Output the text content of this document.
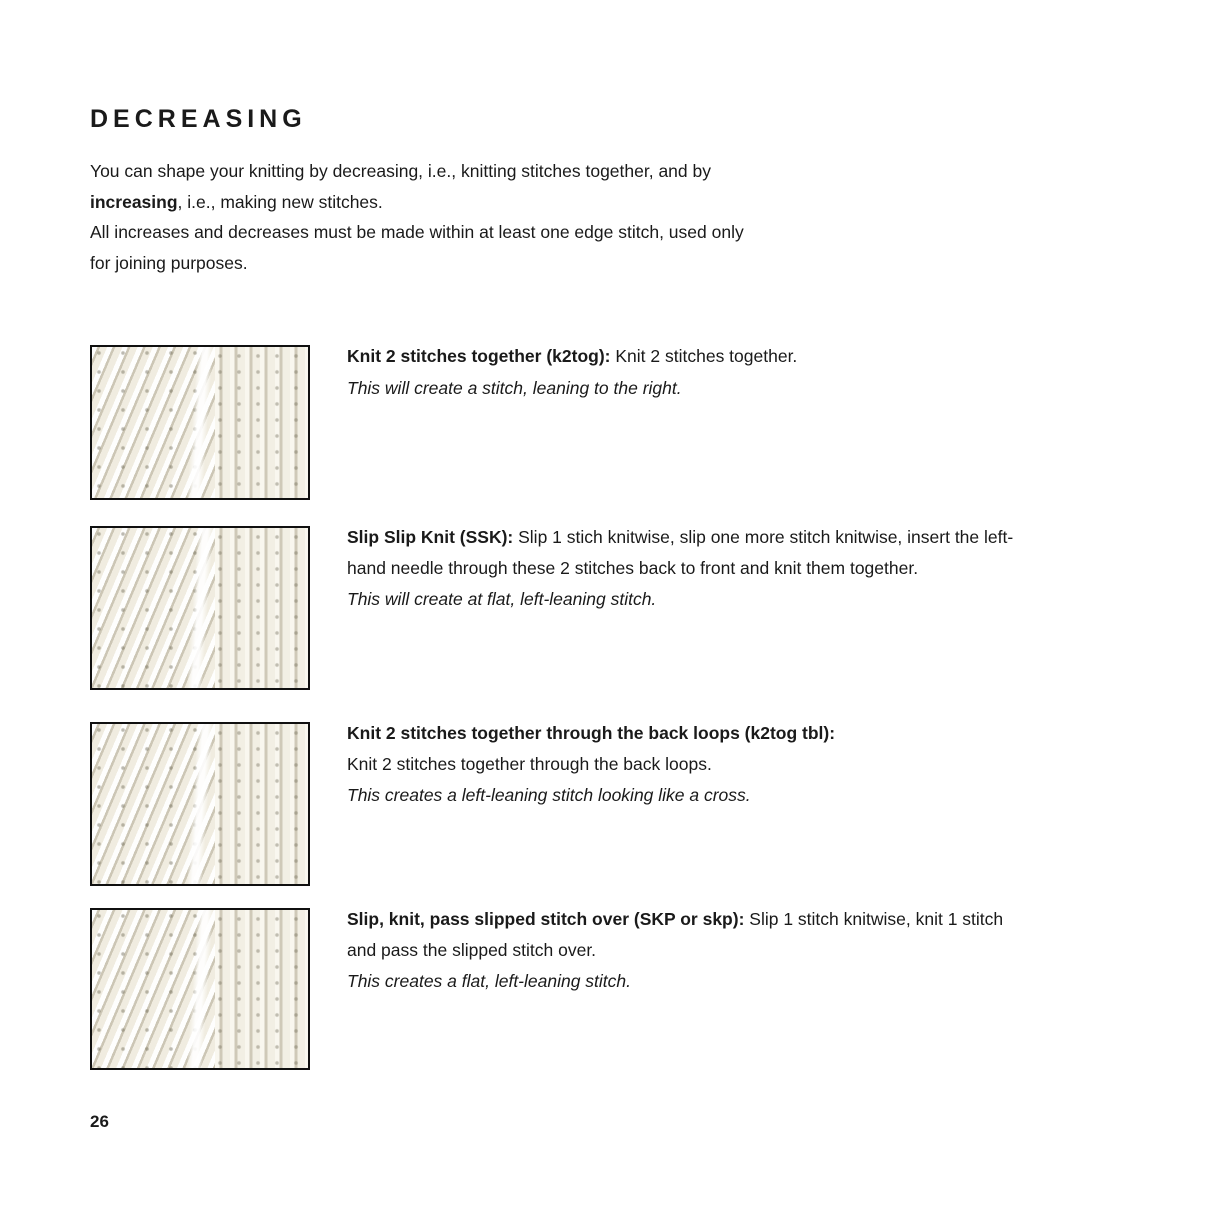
DECREASING
You can shape your knitting by decreasing, i.e., knitting stitches together, and by
increasing, i.e., making new stitches.
All increases and decreases must be made within at least one edge stitch, used only
for joining purposes.

Knit 2 stitches together (k2tog): Knit 2 stitches together.

This will create a stitch, leaning to the right.

Slip Slip Knit (SSK): Slip 1 stich knitwise, slip one more stitch knitwise, insert the left-hand needle through these 2 stitches back to front and knit them together.

This will create at flat, left-leaning stitch.

Knit 2 stitches together through the back loops (k2tog tbl):
Knit 2 stitches together through the back loops.

This creates a left-leaning stitch looking like a cross.

Slip, knit, pass slipped stitch over (SKP or skp): Slip 1 stitch knitwise, knit 1 stitch and pass the slipped stitch over.

This creates a flat, left-leaning stitch.

26
